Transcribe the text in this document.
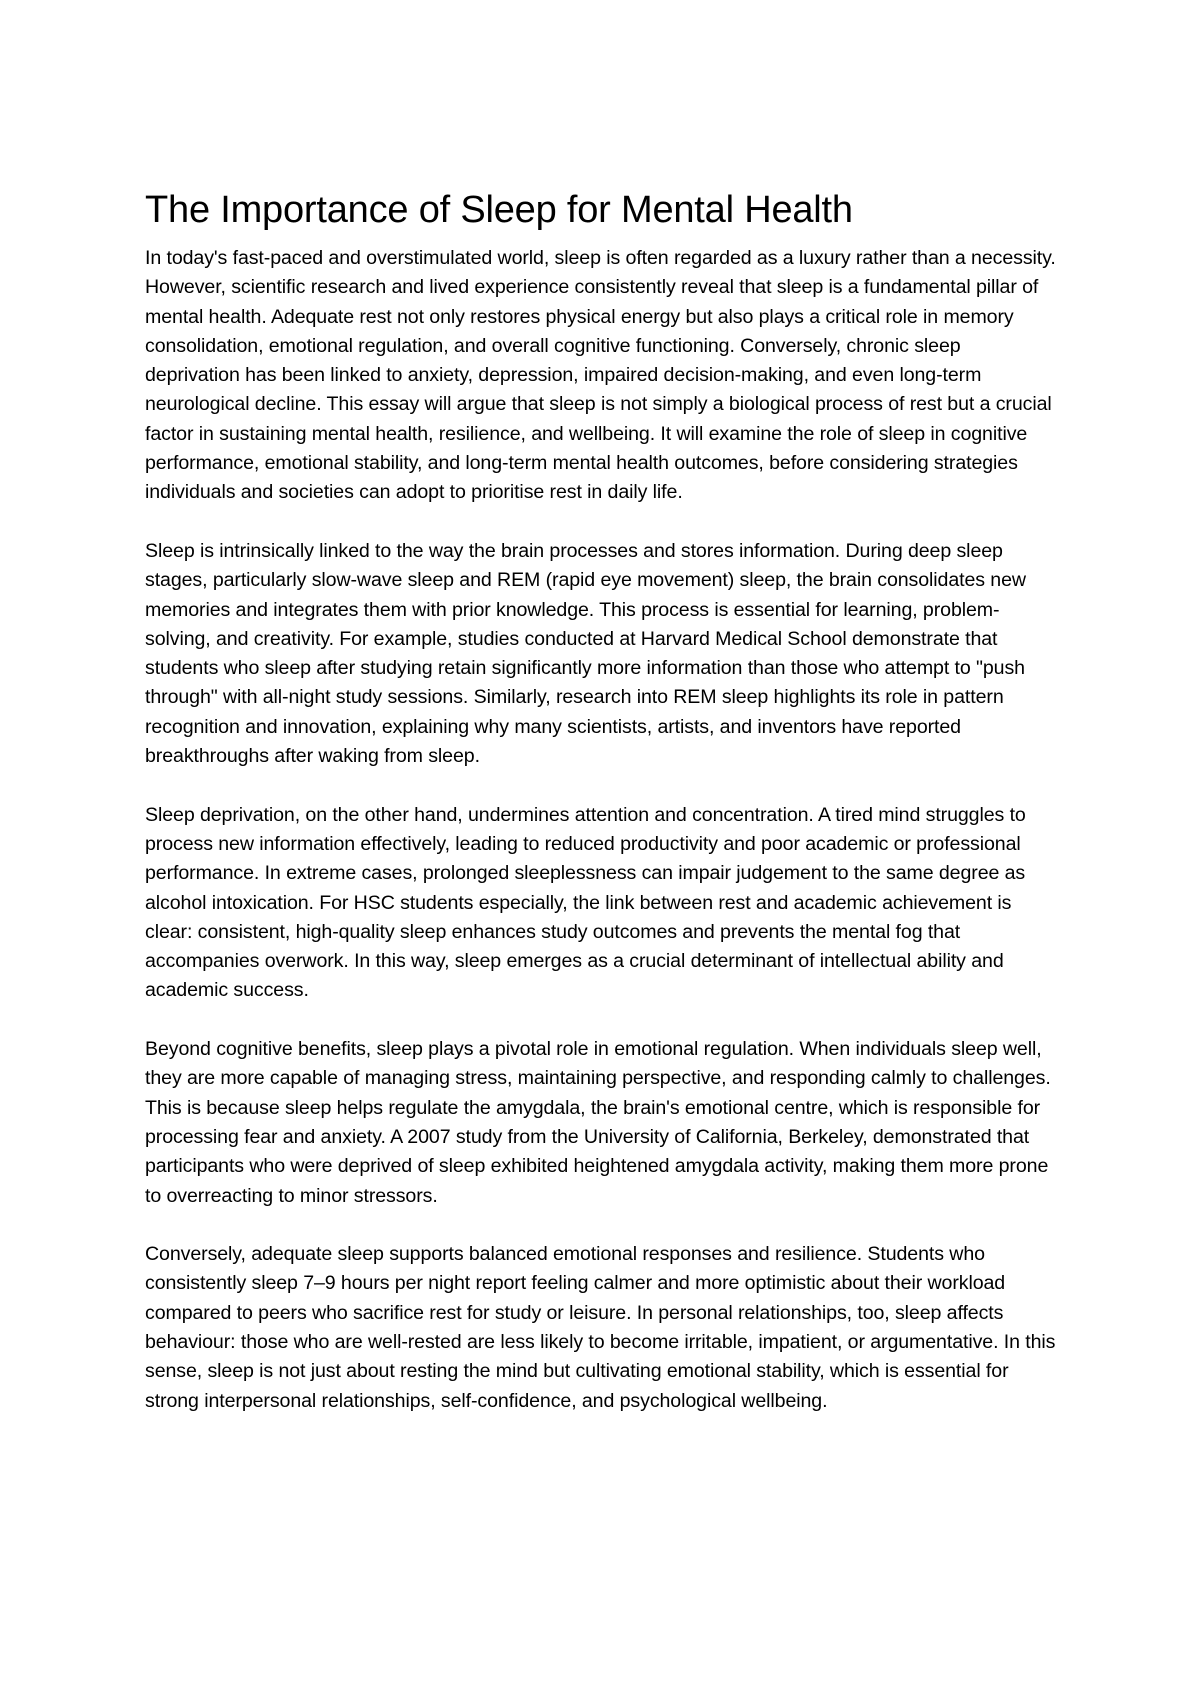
The Importance of Sleep for Mental Health

In today's fast-paced and overstimulated world, sleep is often regarded as a luxury rather than a necessity. However, scientific research and lived experience consistently reveal that sleep is a fundamental pillar of mental health. Adequate rest not only restores physical energy but also plays a critical role in memory consolidation, emotional regulation, and overall cognitive functioning. Conversely, chronic sleep deprivation has been linked to anxiety, depression, impaired decision-making, and even long-term neurological decline. This essay will argue that sleep is not simply a biological process of rest but a crucial factor in sustaining mental health, resilience, and wellbeing. It will examine the role of sleep in cognitive performance, emotional stability, and long-term mental health outcomes, before considering strategies individuals and societies can adopt to prioritise rest in daily life.

Sleep is intrinsically linked to the way the brain processes and stores information. During deep sleep stages, particularly slow-wave sleep and REM (rapid eye movement) sleep, the brain consolidates new memories and integrates them with prior knowledge. This process is essential for learning, problem-solving, and creativity. For example, studies conducted at Harvard Medical School demonstrate that students who sleep after studying retain significantly more information than those who attempt to "push through" with all-night study sessions. Similarly, research into REM sleep highlights its role in pattern recognition and innovation, explaining why many scientists, artists, and inventors have reported breakthroughs after waking from sleep.

Sleep deprivation, on the other hand, undermines attention and concentration. A tired mind struggles to process new information effectively, leading to reduced productivity and poor academic or professional performance. In extreme cases, prolonged sleeplessness can impair judgement to the same degree as alcohol intoxication. For HSC students especially, the link between rest and academic achievement is clear: consistent, high-quality sleep enhances study outcomes and prevents the mental fog that accompanies overwork. In this way, sleep emerges as a crucial determinant of intellectual ability and academic success.

Beyond cognitive benefits, sleep plays a pivotal role in emotional regulation. When individuals sleep well, they are more capable of managing stress, maintaining perspective, and responding calmly to challenges. This is because sleep helps regulate the amygdala, the brain's emotional centre, which is responsible for processing fear and anxiety. A 2007 study from the University of California, Berkeley, demonstrated that participants who were deprived of sleep exhibited heightened amygdala activity, making them more prone to overreacting to minor stressors.

Conversely, adequate sleep supports balanced emotional responses and resilience. Students who consistently sleep 7–9 hours per night report feeling calmer and more optimistic about their workload compared to peers who sacrifice rest for study or leisure. In personal relationships, too, sleep affects behaviour: those who are well-rested are less likely to become irritable, impatient, or argumentative. In this sense, sleep is not just about resting the mind but cultivating emotional stability, which is essential for strong interpersonal relationships, self-confidence, and psychological wellbeing.
